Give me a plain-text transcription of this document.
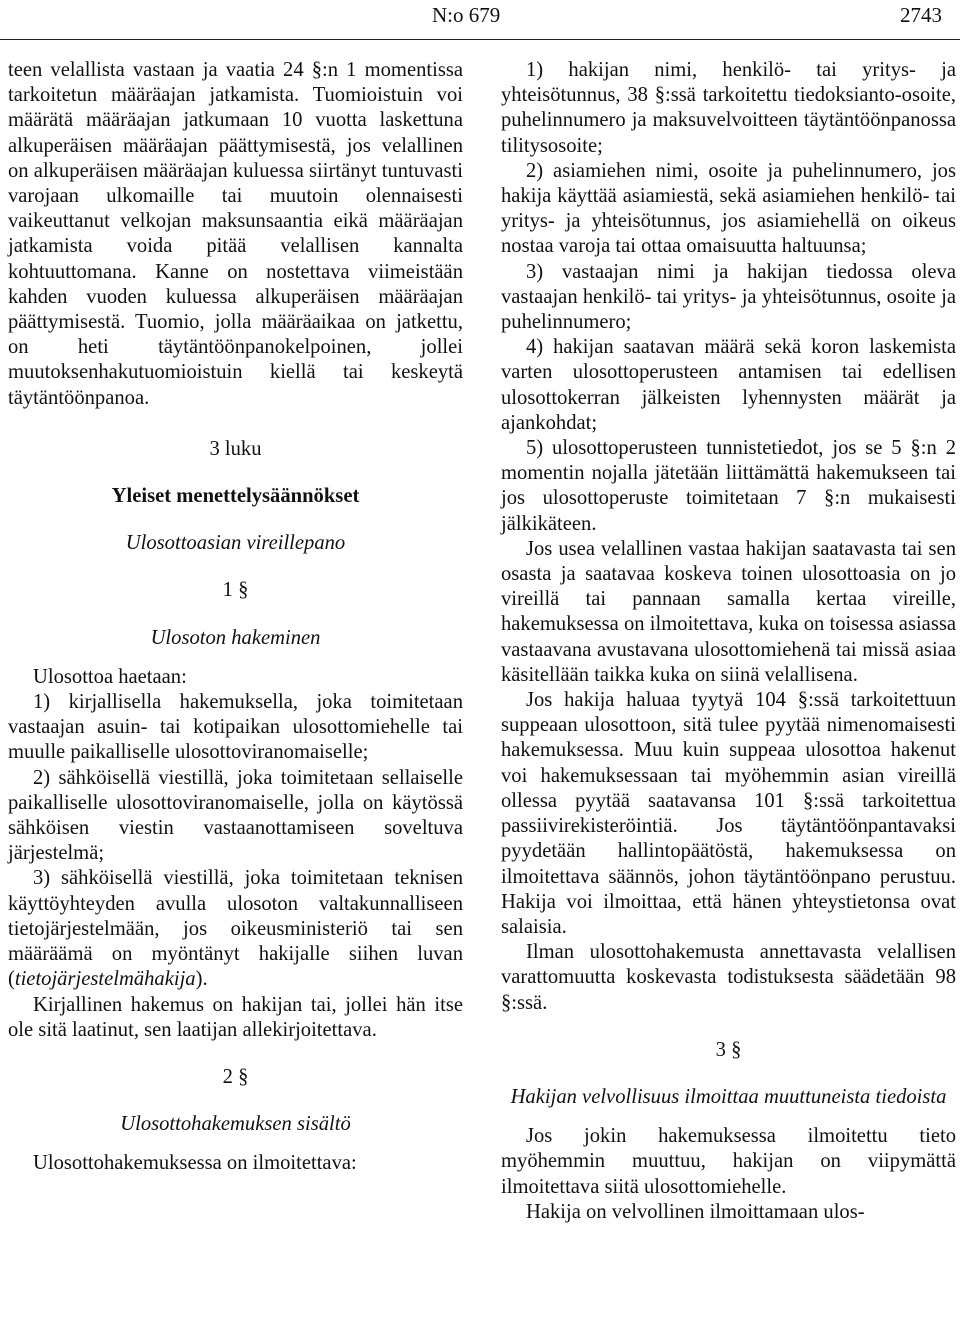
N:o 679	2743

teen velallista vastaan ja vaatia 24 §:n 1 momentissa tarkoitetun määräajan jatkamista. Tuomioistuin voi määrätä määräajan jatkumaan 10 vuotta laskettuna alkuperäisen määräajan päättymisestä, jos velallinen on alkuperäisen määräajan kuluessa siirtänyt tuntuvasti varojaan ulkomaille tai muutoin olennaisesti vaikeuttanut velkojan maksunsaantia eikä määräajan jatkamista voida pitää velallisen kannalta kohtuuttomana. Kanne on nostettava viimeistään kahden vuoden kuluessa alkuperäisen määräajan päättymisestä. Tuomio, jolla määräaikaa on jatkettu, on heti täytäntöönpanokelpoinen, jollei muutoksenhakutuomioistuin kiellä tai keskeytä täytäntöönpanoa.

3 luku

Yleiset menettelysäännökset

Ulosottoasian vireillepano

1 §

Ulosoton hakeminen

Ulosottoa haetaan:

1) kirjallisella hakemuksella, joka toimitetaan vastaajan asuin- tai kotipaikan ulosottomiehelle tai muulle paikalliselle ulosottoviranomaiselle;

2) sähköisellä viestillä, joka toimitetaan sellaiselle paikalliselle ulosottoviranomaiselle, jolla on käytössä sähköisen viestin vastaanottamiseen soveltuva järjestelmä;

3) sähköisellä viestillä, joka toimitetaan teknisen käyttöyhteyden avulla ulosoton valtakunnalliseen tietojärjestelmään, jos oikeusministeriö tai sen määräämä on myöntänyt hakijalle siihen luvan (tietojärjestelmähakija).

Kirjallinen hakemus on hakijan tai, jollei hän itse ole sitä laatinut, sen laatijan allekirjoitettava.

2 §

Ulosottohakemuksen sisältö

Ulosottohakemuksessa on ilmoitettava:

1) hakijan nimi, henkilö- tai yritys- ja yhteisötunnus, 38 §:ssä tarkoitettu tiedoksianto-osoite, puhelinnumero ja maksuvelvoitteen täytäntöönpanossa tilitysosoite;

2) asiamiehen nimi, osoite ja puhelinnumero, jos hakija käyttää asiamiestä, sekä asiamiehen henkilö- tai yritys- ja yhteisötunnus, jos asiamiehellä on oikeus nostaa varoja tai ottaa omaisuutta haltuunsa;

3) vastaajan nimi ja hakijan tiedossa oleva vastaajan henkilö- tai yritys- ja yhteisötunnus, osoite ja puhelinnumero;

4) hakijan saatavan määrä sekä koron laskemista varten ulosottoperusteen antamisen tai edellisen ulosottokerran jälkeisten lyhennysten määrät ja ajankohdat;

5) ulosottoperusteen tunnistetiedot, jos se 5 §:n 2 momentin nojalla jätetään liittämättä hakemukseen tai jos ulosottoperuste toimitetaan 7 §:n mukaisesti jälkikäteen.

Jos usea velallinen vastaa hakijan saatavasta tai sen osasta ja saatavaa koskeva toinen ulosottoasia on jo vireillä tai pannaan samalla kertaa vireille, hakemuksessa on ilmoitettava, kuka on toisessa asiassa vastaavana avustavana ulosottomiehenä tai missä asiaa käsitellään taikka kuka on siinä velallisena.

Jos hakija haluaa tyytyä 104 §:ssä tarkoitettuun suppeaan ulosottoon, sitä tulee pyytää nimenomaisesti hakemuksessa. Muu kuin suppeaa ulosottoa hakenut voi hakemuksessaan tai myöhemmin asian vireillä ollessa pyytää saatavansa 101 §:ssä tarkoitettua passiivirekisteröintiä. Jos täytäntöönpantavaksi pyydetään hallintopäätöstä, hakemuksessa on ilmoitettava säännös, johon täytäntöönpano perustuu. Hakija voi ilmoittaa, että hänen yhteystietonsa ovat salaisia.

Ilman ulosottohakemusta annettavasta velallisen varattomuutta koskevasta todistuksesta säädetään 98 §:ssä.

3 §

Hakijan velvollisuus ilmoittaa muuttuneista tiedoista

Jos jokin hakemuksessa ilmoitettu tieto myöhemmin muuttuu, hakijan on viipymättä ilmoitettava siitä ulosottomiehelle.

Hakija on velvollinen ilmoittamaan ulos-
